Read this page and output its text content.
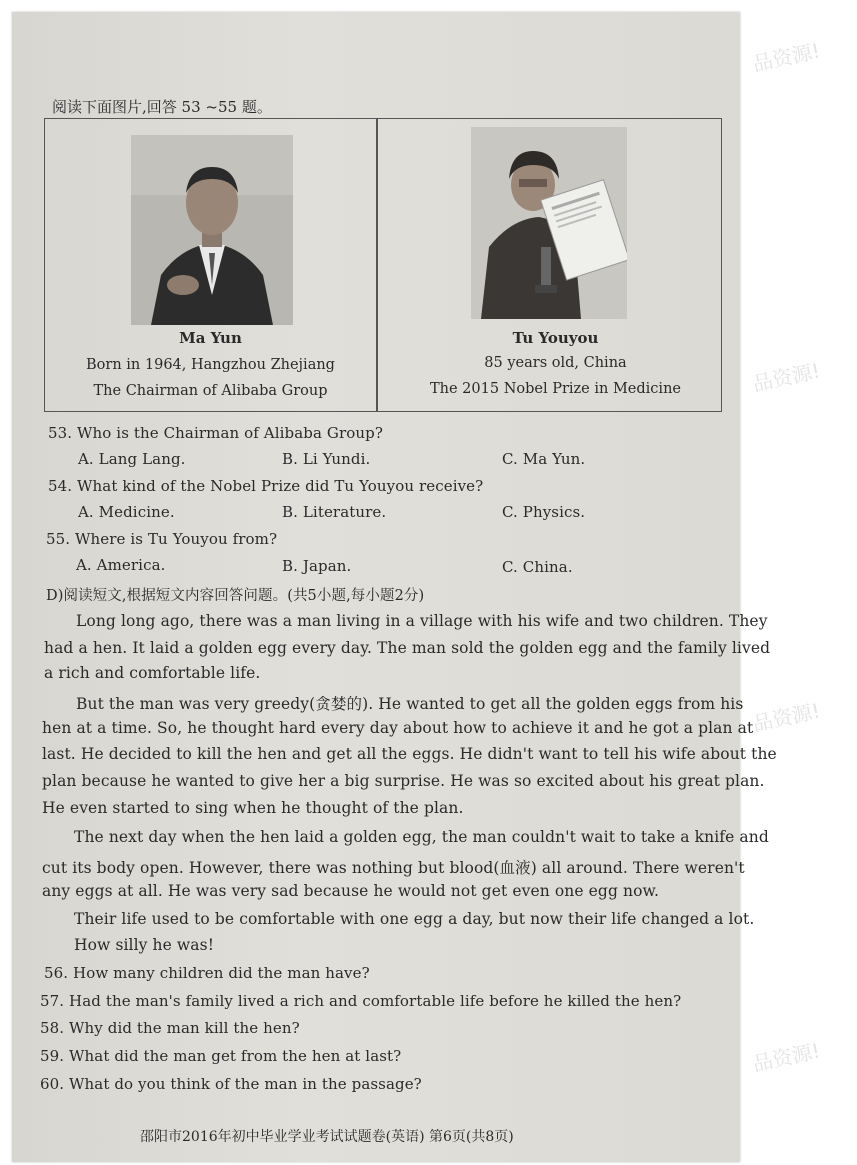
阅读下面图片,回答 53 ~55 题。
Ma Yun
Born in 1964, Hangzhou Zhejiang
The Chairman of Alibaba Group
Tu Youyou
85 years old, China
The 2015 Nobel Prize in Medicine
53. Who is the Chairman of Alibaba Group?
A. Lang Lang.	B. Li Yundi.	C. Ma Yun.
54. What kind of the Nobel Prize did Tu Youyou receive?
A. Medicine.	B. Literature.	C. Physics.
55. Where is Tu Youyou from?
A. America.	B. Japan.	C. China.
D)阅读短文,根据短文内容回答问题。(共5小题,每小题2分)
Long long ago, there was a man living in a village with his wife and two children. They
had a hen. It laid a golden egg every day. The man sold the golden egg and the family lived
a rich and comfortable life.
But the man was very greedy(贪婪的). He wanted to get all the golden eggs from his
hen at a time. So, he thought hard every day about how to achieve it and he got a plan at
last. He decided to kill the hen and get all the eggs. He didn't want to tell his wife about the
plan because he wanted to give her a big surprise. He was so excited about his great plan.
He even started to sing when he thought of the plan.
The next day when the hen laid a golden egg, the man couldn't wait to take a knife and
cut its body open. However, there was nothing but blood(血液) all around. There weren't
any eggs at all. He was very sad because he would not get even one egg now.
Their life used to be comfortable with one egg a day, but now their life changed a lot.
How silly he was!
56. How many children did the man have?
57. Had the man's family lived a rich and comfortable life before he killed the hen?
58. Why did the man kill the hen?
59. What did the man get from the hen at last?
60. What do you think of the man in the passage?
邵阳市2016年初中毕业学业考试试题卷(英语) 第6页(共8页)
品资源!
品资源!
品资源!
品资源!
